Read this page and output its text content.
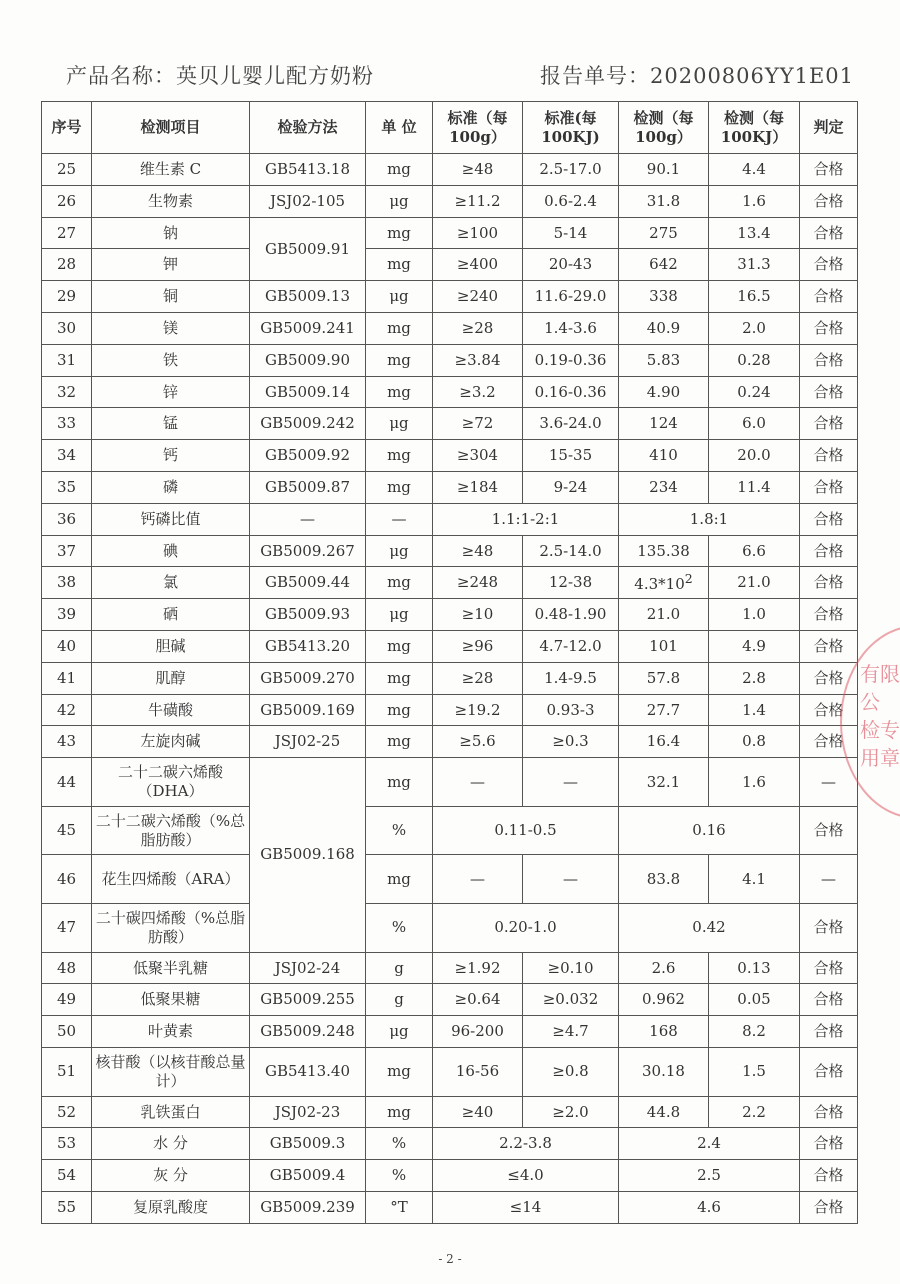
产品名称：英贝儿婴儿配方奶粉	报告单号：20200806YY1E01
序号	检测项目	检验方法	单 位	标准（每100g）	标准(每100KJ)	检测（每100g）	检测（每100KJ）	判定
25	维生素 C	GB5413.18	mg	≥48	2.5-17.0	90.1	4.4	合格
26	生物素	JSJ02-105	μg	≥11.2	0.6-2.4	31.8	1.6	合格
27	钠	GB5009.91	mg	≥100	5-14	275	13.4	合格
28	钾		mg	≥400	20-43	642	31.3	合格
29	铜	GB5009.13	μg	≥240	11.6-29.0	338	16.5	合格
30	镁	GB5009.241	mg	≥28	1.4-3.6	40.9	2.0	合格
31	铁	GB5009.90	mg	≥3.84	0.19-0.36	5.83	0.28	合格
32	锌	GB5009.14	mg	≥3.2	0.16-0.36	4.90	0.24	合格
33	锰	GB5009.242	μg	≥72	3.6-24.0	124	6.0	合格
34	钙	GB5009.92	mg	≥304	15-35	410	20.0	合格
35	磷	GB5009.87	mg	≥184	9-24	234	11.4	合格
36	钙磷比值	—	—	1.1:1-2:1		1.8:1		合格
37	碘	GB5009.267	μg	≥48	2.5-14.0	135.38	6.6	合格
38	氯	GB5009.44	mg	≥248	12-38	$4.3*10^2$	21.0	合格
39	硒	GB5009.93	μg	≥10	0.48-1.90	21.0	1.0	合格
40	胆碱	GB5413.20	mg	≥96	4.7-12.0	101	4.9	合格
41	肌醇	GB5009.270	mg	≥28	1.4-9.5	57.8	2.8	合格
42	牛磺酸	GB5009.169	mg	≥19.2	0.93-3	27.7	1.4	合格
43	左旋肉碱	JSJ02-25	mg	≥5.6	≥0.3	16.4	0.8	合格
44	二十二碳六烯酸（DHA）	GB5009.168	mg	—	—	32.1	1.6	—
45	二十二碳六烯酸（%总脂肪酸）		%	0.11-0.5		0.16		合格
46	花生四烯酸（ARA）		mg	—	—	83.8	4.1	—
47	二十碳四烯酸（%总脂肪酸）		%	0.20-1.0		0.42		合格
48	低聚半乳糖	JSJ02-24	g	≥1.92	≥0.10	2.6	0.13	合格
49	低聚果糖	GB5009.255	g	≥0.64	≥0.032	0.962	0.05	合格
50	叶黄素	GB5009.248	μg	96-200	≥4.7	168	8.2	合格
51	核苷酸（以核苷酸总量计）	GB5413.40	mg	16-56	≥0.8	30.18	1.5	合格
52	乳铁蛋白	JSJ02-23	mg	≥40	≥2.0	44.8	2.2	合格
53	水 分	GB5009.3	%	2.2-3.8		2.4		合格
54	灰 分	GB5009.4	%	≤4.0		2.5		合格
55	复原乳酸度	GB5009.239	°T	≤14		4.6		合格
有限公
检专用章
- 2 -
